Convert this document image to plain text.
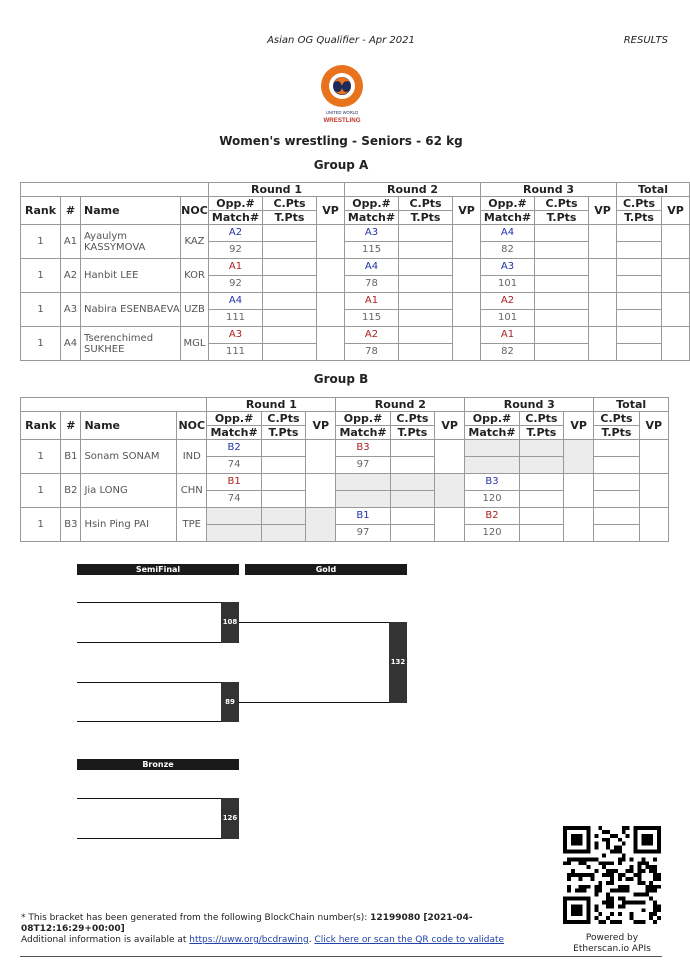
Asian OG Qualifier - Apr 2021	RESULTS
UNITED WORLD
WRESTLING
Women's wrestling - Seniors - 62 kg
Group A
				Round 1			Round 2			Round 3			Total	
Rank	#	Name	NOC	Opp.#	C.Pts	VP	Opp.#	C.Pts	VP	Opp.#	C.Pts	VP	C.Pts	VP
				Match#	T.Pts		Match#	T.Pts		Match#	T.Pts		T.Pts	
1	A1	Ayaulym KASSYMOVA	KAZ	A2			A3			A4				
				92			115			82				
1	A2	Hanbit LEE	KOR	A1			A4			A3				
				92			78			101				
1	A3	Nabira ESENBAEVA	UZB	A4			A1			A2				
				111			115			101				
1	A4	Tserenchimed SUKHEE	MGL	A3			A2			A1				
				111			78			82				
Group B
				Round 1			Round 2			Round 3			Total	
Rank	#	Name	NOC	Opp.#	C.Pts	VP	Opp.#	C.Pts	VP	Opp.#	C.Pts	VP	C.Pts	VP
				Match#	T.Pts		Match#	T.Pts		Match#	T.Pts		T.Pts	
1	B1	Sonam SONAM	IND	B2			B3							
				74			97							
1	B2	Jia LONG	CHN	B1						B3				
				74						120				
1	B3	Hsin Ping PAI	TPE				B1			B2				
							97			120				
SemiFinal	Gold
108
89
132
Bronze
126
* This bracket has been generated from the following BlockChain number(s): 12199080 [2021-04-08T12:16:29+00:00]
Additional information is available at https://uww.org/bcdrawing. Click here or scan the QR code to validate	Powered by
Etherscan.io APIs
